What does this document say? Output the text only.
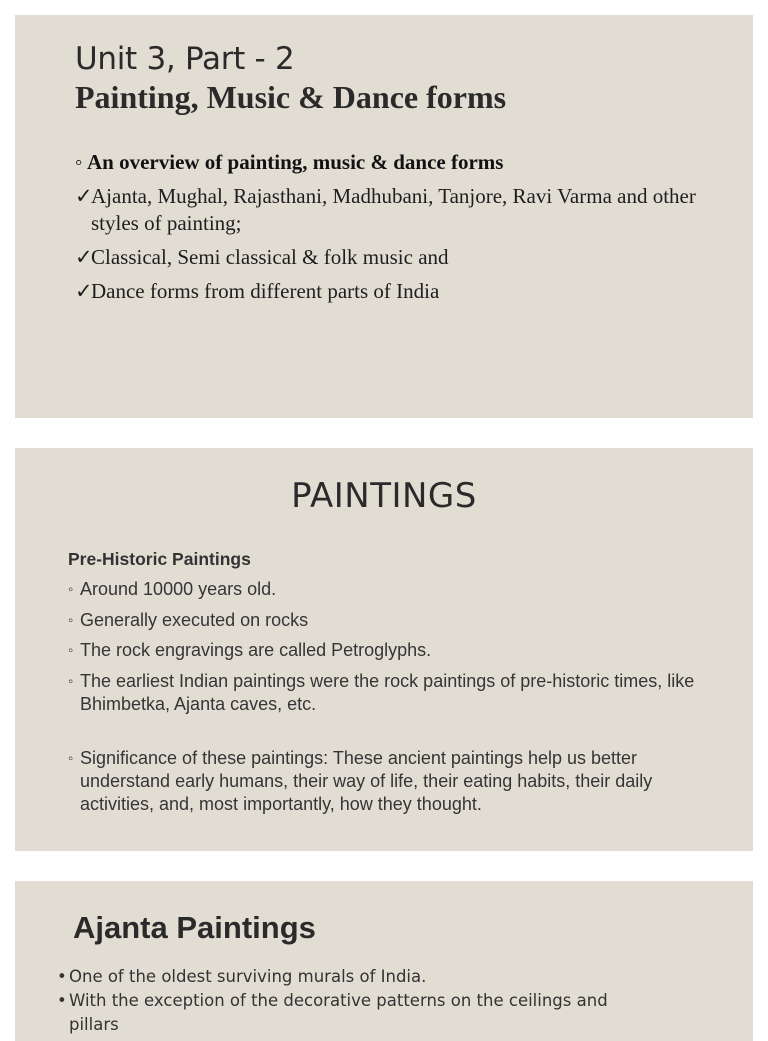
Unit 3, Part - 2
Painting, Music & Dance forms
◦ An overview of painting, music & dance forms
✓
Ajanta, Mughal, Rajasthani, Madhubani, Tanjore, Ravi Varma and other styles of painting;
✓
Classical, Semi classical & folk music and
✓
Dance forms from different parts of India
PAINTINGS
Pre-Historic Paintings
◦ Around 10000 years old.
◦ Generally executed on rocks
◦ The rock engravings are called Petroglyphs.
◦ The earliest Indian paintings were the rock paintings of pre-historic times, like Bhimbetka, Ajanta caves, etc.
◦ Significance of these paintings: These ancient paintings help us better understand early humans, their way of life, their eating habits, their daily activities, and, most importantly, how they thought.
Ajanta Paintings
• One of the oldest surviving murals of India.
• With the exception of the decorative patterns on the ceilings and pillars
